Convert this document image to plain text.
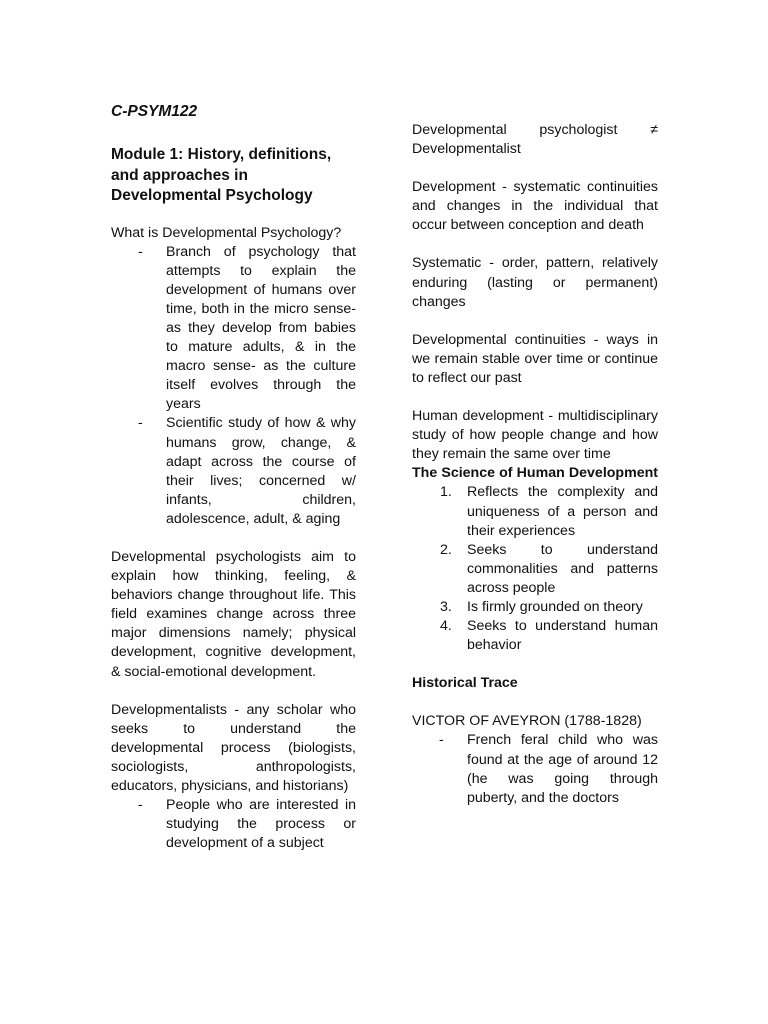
C-PSYM122
Module 1: History, definitions, and approaches in Developmental Psychology

What is Developmental Psychology?

- Branch of psychology that attempts to explain the development of humans over time, both in the micro sense- as they develop from babies to mature adults, & in the macro sense- as the culture itself evolves through the years
- Scientific study of how & why humans grow, change, & adapt across the course of their lives; concerned w/ infants, children, adolescence, adult, & aging

Developmental psychologists aim to explain how thinking, feeling, & behaviors change throughout life. This field examines change across three major dimensions namely; physical development, cognitive development, & social-emotional development.

Developmentalists - any scholar who seeks to understand the developmental process (biologists, sociologists, anthropologists, educators, physicians, and historians)

- People who are interested in studying the process or development of a subject

Developmental psychologist ≠ Developmentalist

Development - systematic continuities and changes in the individual that occur between conception and death

Systematic - order, pattern, relatively enduring (lasting or permanent) changes

Developmental continuities - ways in we remain stable over time or continue to reflect our past

Human development - multidisciplinary study of how people change and how they remain the same over time

The Science of Human Development

1. Reflects the complexity and uniqueness of a person and their experiences
2. Seeks to understand commonalities and patterns across people
3. Is firmly grounded on theory
4. Seeks to understand human behavior

Historical Trace

VICTOR OF AVEYRON (1788-1828)

- French feral child who was found at the age of around 12 (he was going through puberty, and the doctors
